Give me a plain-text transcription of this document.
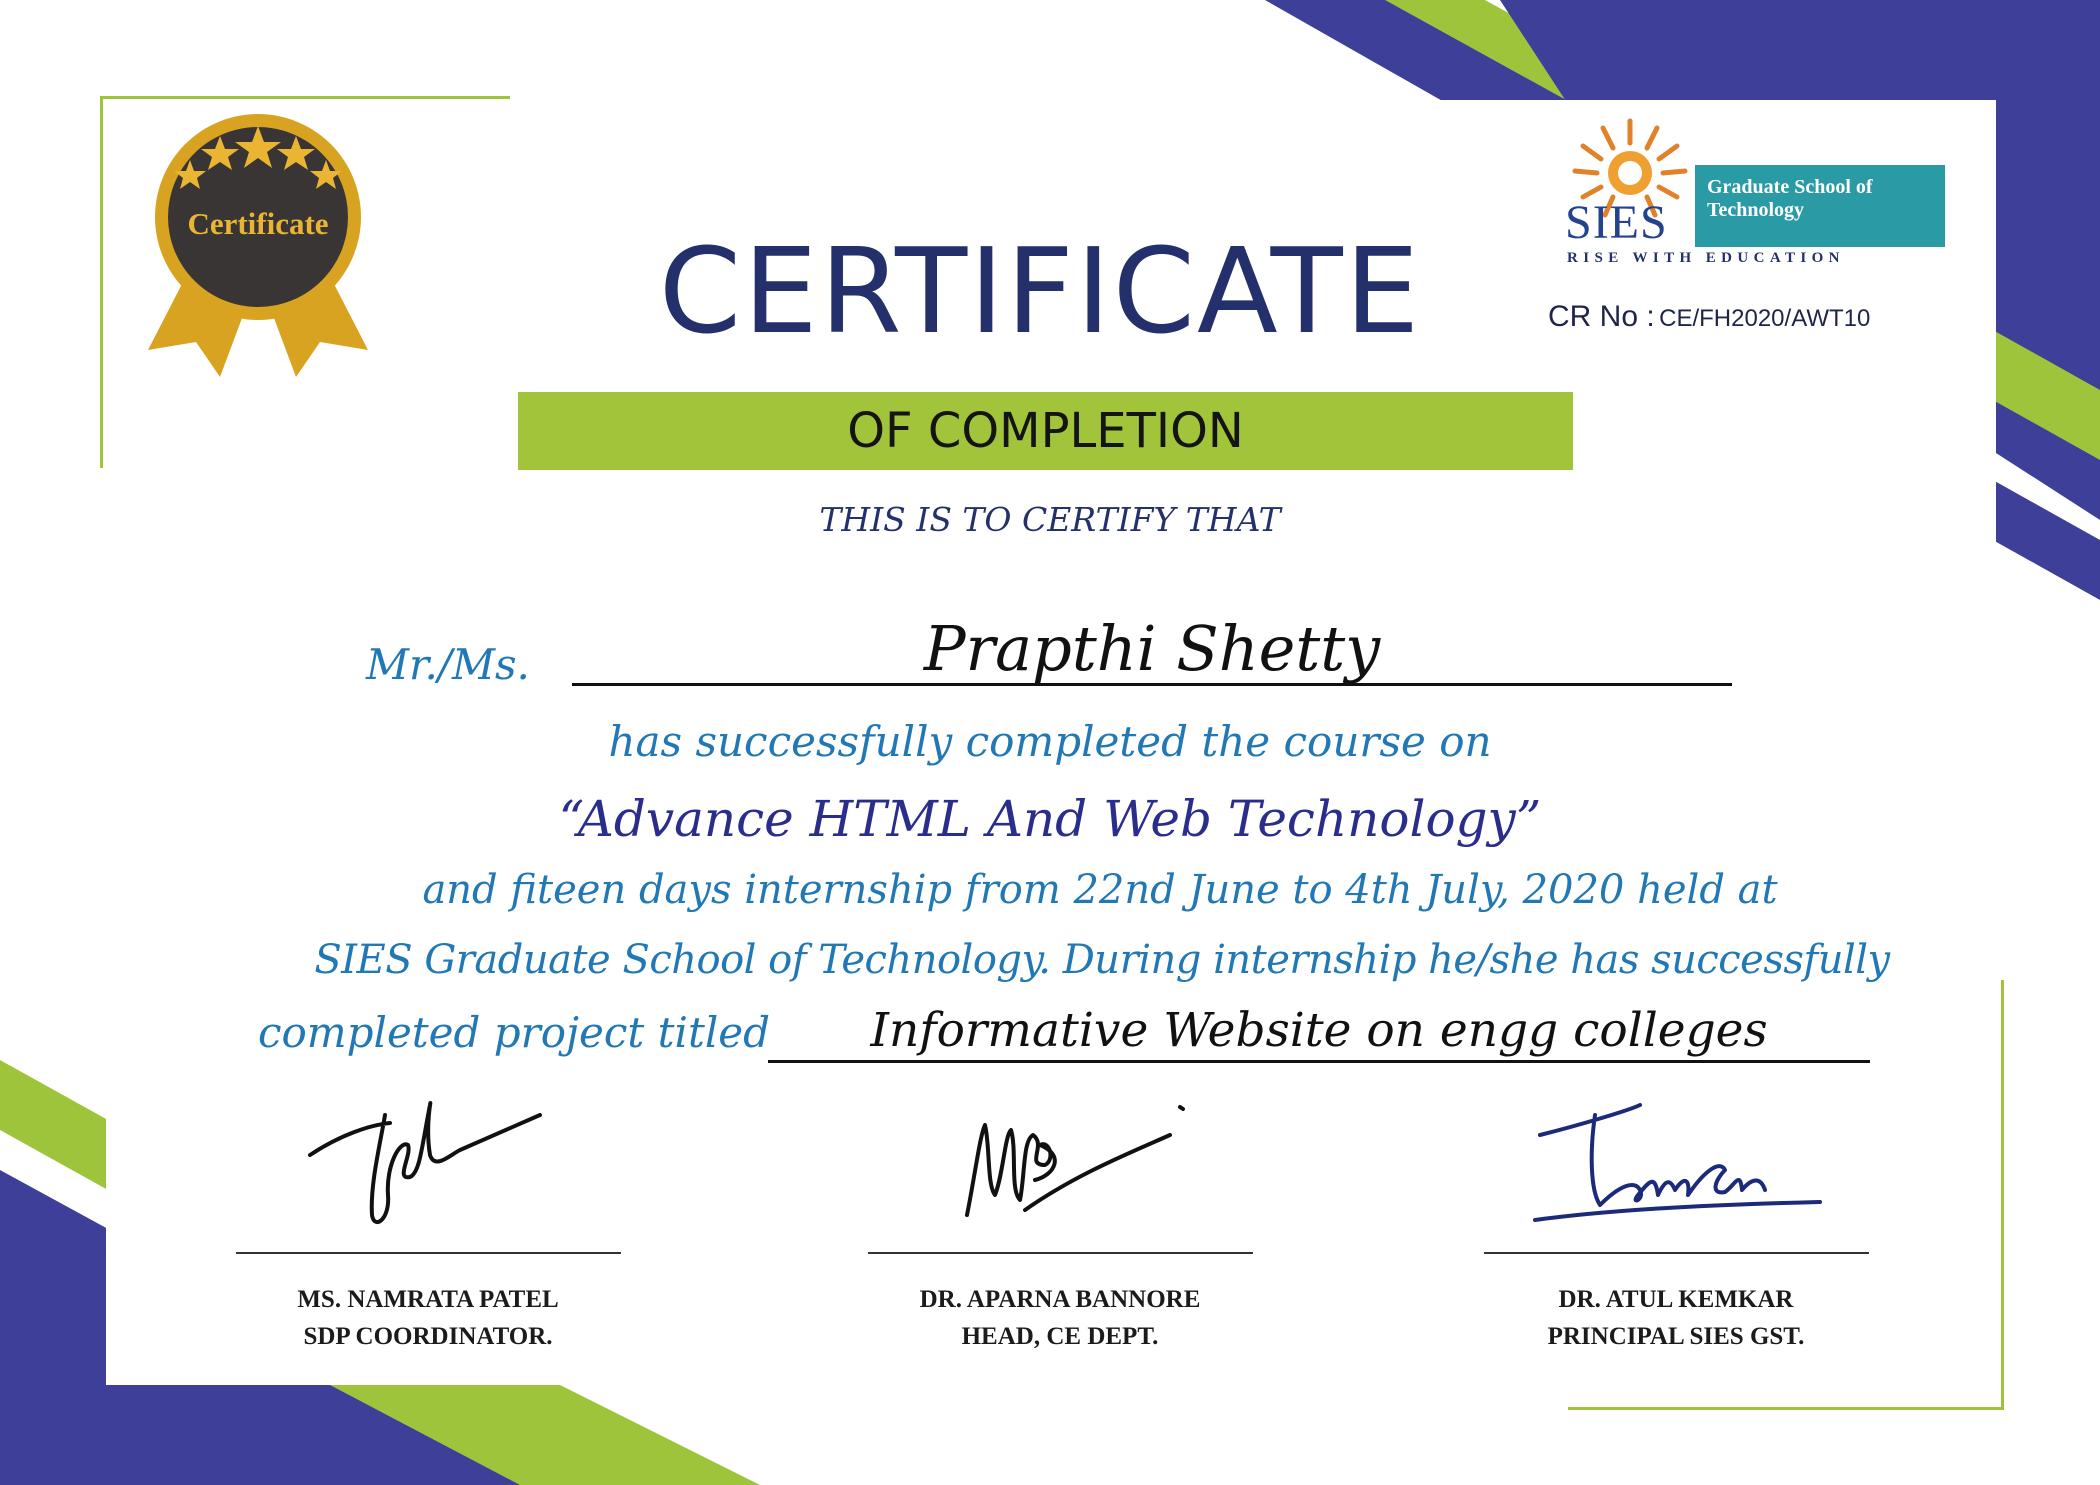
Certificate	SIES
Graduate School of
Technology
RISE WITH EDUCATION
CR No : CE/FH2020/AWT10
CERTIFICATE
OF COMPLETION
THIS IS TO CERTIFY THAT
Mr./Ms.	Prapthi Shetty
has successfully completed the course on
“Advance HTML And Web Technology”
and fiteen days internship from 22nd June to 4th July, 2020 held at
SIES Graduate School of Technology. During internship he/she has successfully
completed project titled	Informative Website on engg colleges
MS. NAMRATA PATEL
SDP COORDINATOR.
DR. APARNA BANNORE
HEAD, CE DEPT.
DR. ATUL KEMKAR
PRINCIPAL SIES GST.
